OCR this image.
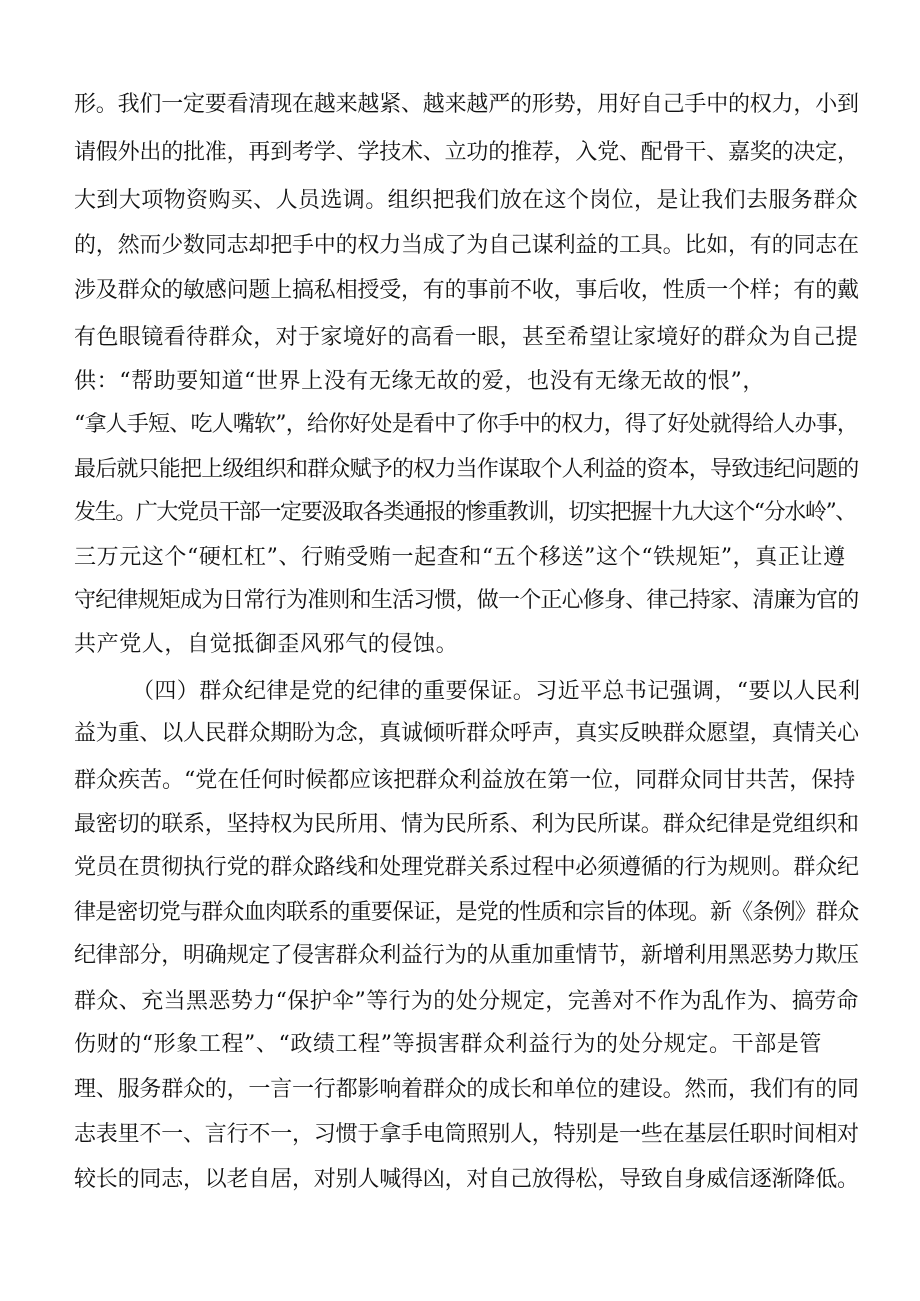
形。我们一定要看清现在越来越紧、越来越严的形势，用好自己手中的权力，小到
请假外出的批准，再到考学、学技术、立功的推荐，入党、配骨干、嘉奖的决定，
大到大项物资购买、人员选调。组织把我们放在这个岗位，是让我们去服务群众
的，然而少数同志却把手中的权力当成了为自己谋利益的工具。比如，有的同志在
涉及群众的敏感问题上搞私相授受，有的事前不收，事后收，性质一个样；有的戴
有色眼镜看待群众，对于家境好的高看一眼，甚至希望让家境好的群众为自己提
供：“帮助要知道“世界上没有无缘无故的爱，也没有无缘无故的恨”，
“拿人手短、吃人嘴软”，给你好处是看中了你手中的权力，得了好处就得给人办事，
最后就只能把上级组织和群众赋予的权力当作谋取个人利益的资本，导致违纪问题的
发生。广大党员干部一定要汲取各类通报的惨重教训，切实把握十九大这个“分水岭”、
三万元这个“硬杠杠”、行贿受贿一起查和“五个移送”这个“铁规矩”，真正让遵
守纪律规矩成为日常行为准则和生活习惯，做一个正心修身、律己持家、清廉为官的
共产党人，自觉抵御歪风邪气的侵蚀。
（四）群众纪律是党的纪律的重要保证。习近平总书记强调，“要以人民利
益为重、以人民群众期盼为念，真诚倾听群众呼声，真实反映群众愿望，真情关心
群众疾苦。“党在任何时候都应该把群众利益放在第一位，同群众同甘共苦，保持
最密切的联系，坚持权为民所用、情为民所系、利为民所谋。群众纪律是党组织和
党员在贯彻执行党的群众路线和处理党群关系过程中必须遵循的行为规则。群众纪
律是密切党与群众血肉联系的重要保证，是党的性质和宗旨的体现。新《条例》群众
纪律部分，明确规定了侵害群众利益行为的从重加重情节，新增利用黑恶势力欺压
群众、充当黑恶势力“保护伞”等行为的处分规定，完善对不作为乱作为、搞劳命
伤财的“形象工程”、“政绩工程”等损害群众利益行为的处分规定。干部是管
理、服务群众的，一言一行都影响着群众的成长和单位的建设。然而，我们有的同
志表里不一、言行不一，习惯于拿手电筒照别人，特别是一些在基层任职时间相对
较长的同志，以老自居，对别人喊得凶，对自己放得松，导致自身威信逐渐降低。
